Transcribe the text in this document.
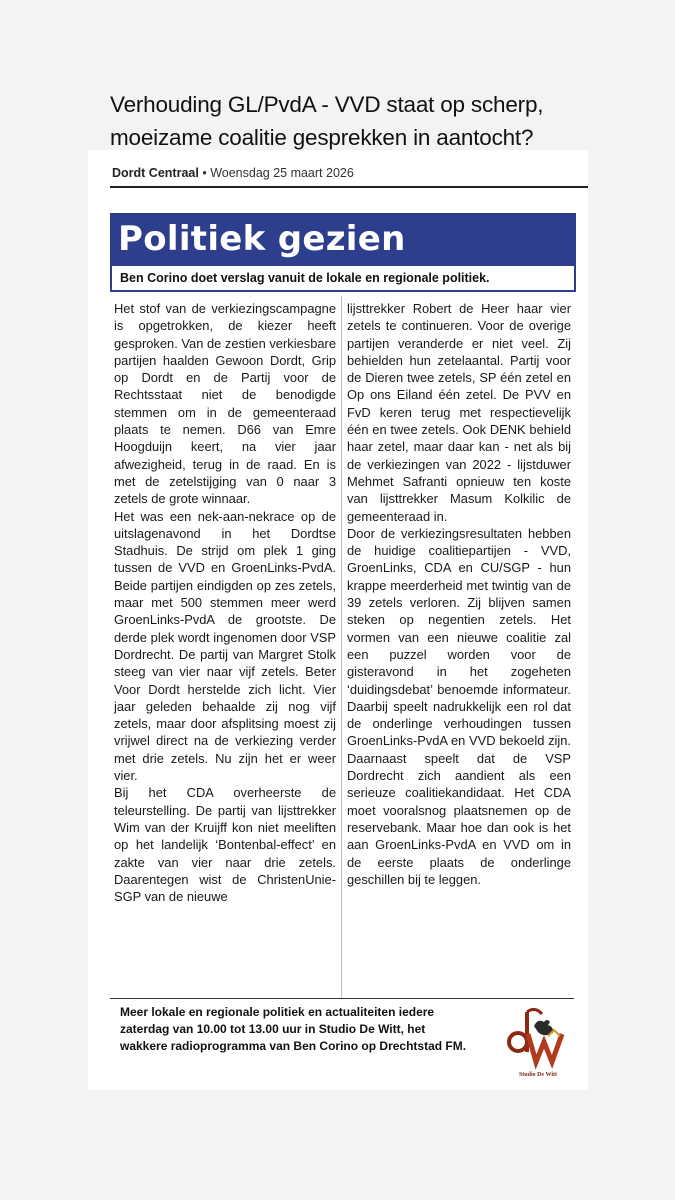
Verhouding GL/PvdA - VVD staat op scherp,
moeizame coalitie gesprekken in aantocht?
Dordt Centraal • Woensdag 25 maart 2026
Politiek gezien
Ben Corino doet verslag vanuit de lokale en regionale politiek.

Het stof van de verkiezingscampagne is opgetrokken, de kiezer heeft gesproken. Van de zestien verkiesbare partijen haalden Gewoon Dordt, Grip op Dordt en de Partij voor de Rechtsstaat niet de benodigde stemmen om in de gemeenteraad plaats te nemen. D66 van Emre Hoogduijn keert, na vier jaar afwezigheid, terug in de raad. En is met de zetelstijging van 0 naar 3 zetels de grote winnaar.

Het was een nek-aan-nekrace op de uitslagenavond in het Dordtse Stadhuis. De strijd om plek 1 ging tussen de VVD en GroenLinks-PvdA. Beide partijen eindigden op zes zetels, maar met 500 stemmen meer werd GroenLinks-PvdA de grootste. De derde plek wordt ingenomen door VSP Dordrecht. De partij van Margret Stolk steeg van vier naar vijf zetels. Beter Voor Dordt herstelde zich licht. Vier jaar geleden behaalde zij nog vijf zetels, maar door afsplitsing moest zij vrijwel direct na de verkiezing verder met drie zetels. Nu zijn het er weer vier.

Bij het CDA overheerste de teleurstelling. De partij van lijsttrekker Wim van der Kruijff kon niet meeliften op het landelijk ‘Bontenbal-effect’ en zakte van vier naar drie zetels. Daarentegen wist de ChristenUnie-SGP van de nieuwe

lijsttrekker Robert de Heer haar vier zetels te continueren. Voor de overige partijen veranderde er niet veel. Zij behielden hun zetelaantal. Partij voor de Dieren twee zetels, SP één zetel en Op ons Eiland één zetel. De PVV en FvD keren terug met respectievelijk één en twee zetels. Ook DENK behield haar zetel, maar daar kan - net als bij de verkiezingen van 2022 - lijstduwer Mehmet Safranti opnieuw ten koste van lijsttrekker Masum Kolkilic de gemeenteraad in.

Door de verkiezingsresultaten hebben de huidige coalitiepartijen - VVD, GroenLinks, CDA en CU/SGP - hun krappe meerderheid met twintig van de 39 zetels verloren. Zij blijven samen steken op negentien zetels. Het vormen van een nieuwe coalitie zal een puzzel worden voor de gisteravond in het zogeheten ‘duidingsdebat’ benoemde informateur. Daarbij speelt nadrukkelijk een rol dat de onderlinge verhoudingen tussen GroenLinks-PvdA en VVD bekoeld zijn. Daarnaast speelt dat de VSP Dordrecht zich aandient als een serieuze coalitiekandidaat. Het CDA moet vooralsnog plaatsnemen op de reservebank. Maar hoe dan ook is het aan GroenLinks-PvdA en VVD om in de eerste plaats de onderlinge geschillen bij te leggen.

Meer lokale en regionale politiek en actualiteiten iedere
zaterdag van 10.00 tot 13.00 uur in Studio De Witt, het
wakkere radioprogramma van Ben Corino op Drechtstad FM.
Studio De Witt
